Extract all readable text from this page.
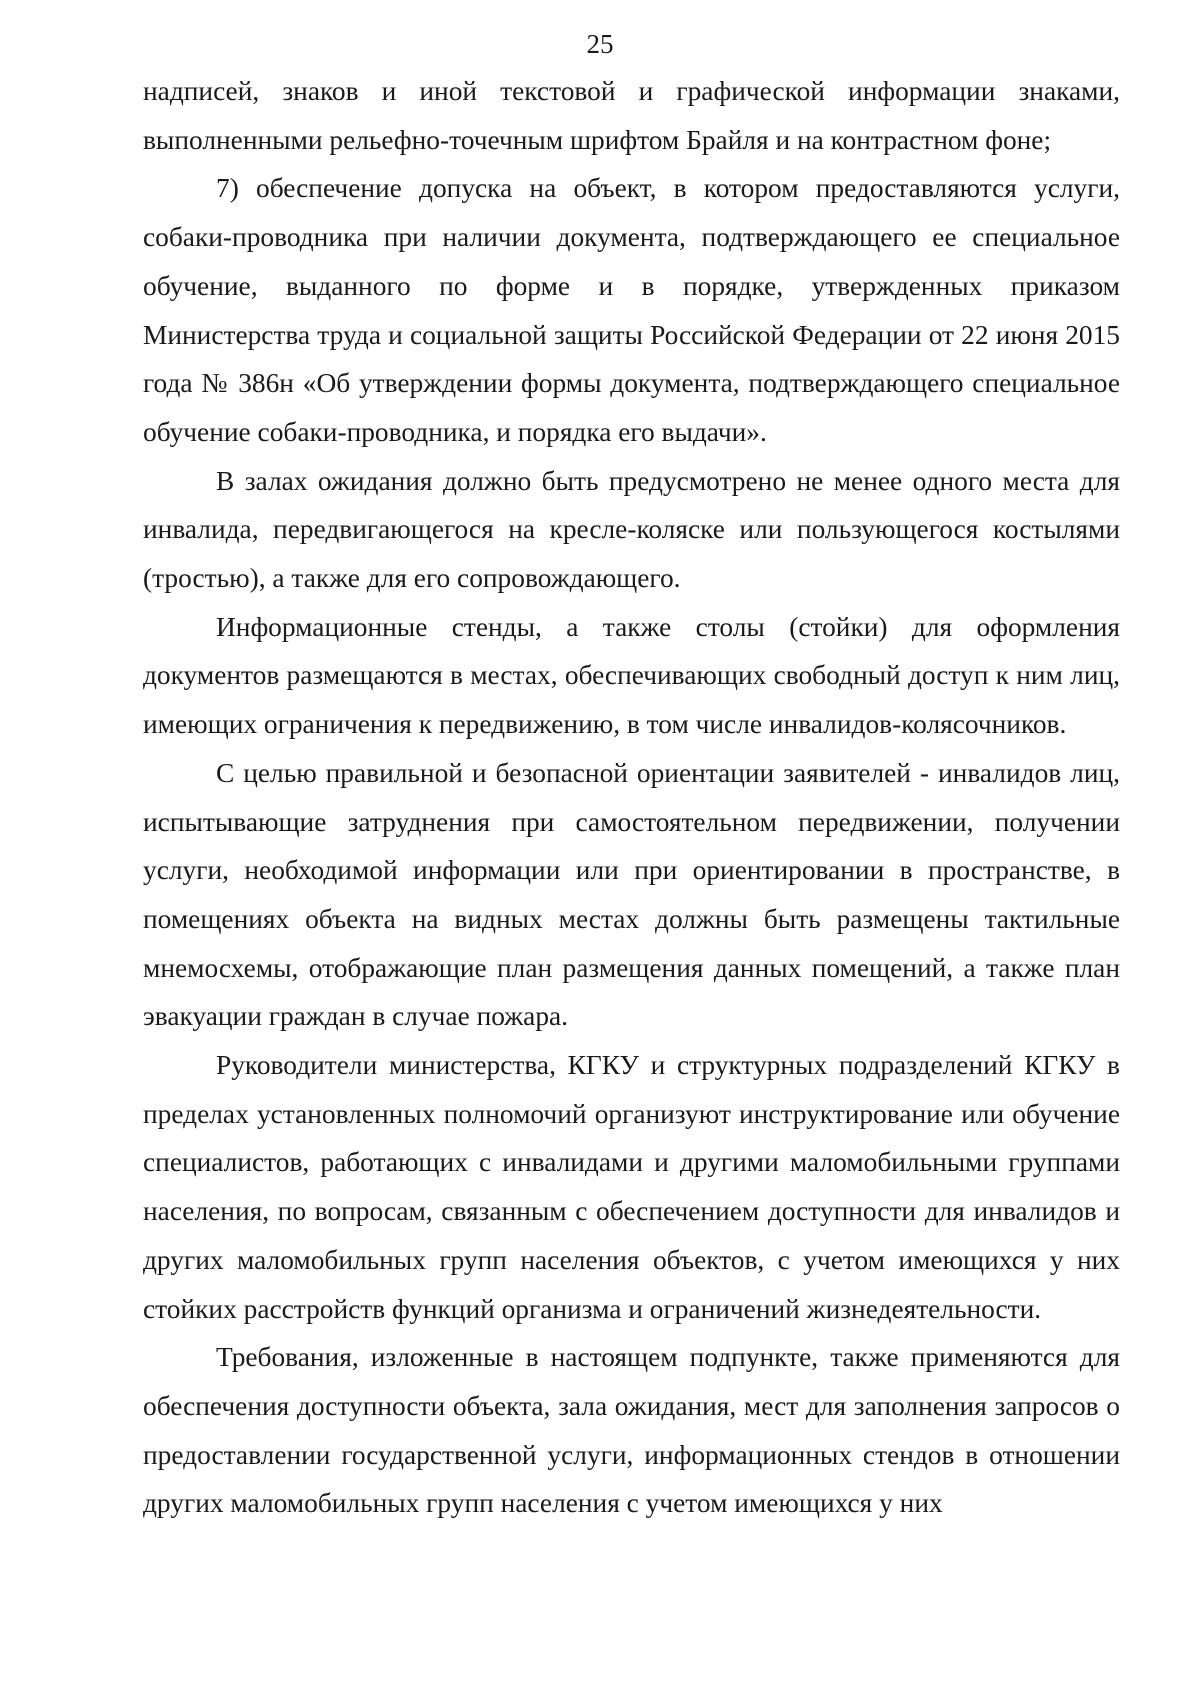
25

надписей, знаков и иной текстовой и графической информации знаками, выполненными рельефно-точечным шрифтом Брайля и на контрастном фоне;

7) обеспечение допуска на объект, в котором предоставляются услуги, собаки-проводника при наличии документа, подтверждающего ее специальное обучение, выданного по форме и в порядке, утвержденных приказом Министерства труда и социальной защиты Российской Федерации от 22 июня 2015 года № 386н «Об утверждении формы документа, подтверждающего специальное обучение собаки-проводника, и порядка его выдачи».

В залах ожидания должно быть предусмотрено не менее одного места для инвалида, передвигающегося на кресле-коляске или пользующегося костылями (тростью), а также для его сопровождающего.

Информационные стенды, а также столы (стойки) для оформления документов размещаются в местах, обеспечивающих свободный доступ к ним лиц, имеющих ограничения к передвижению, в том числе инвалидов-колясочников.

С целью правильной и безопасной ориентации заявителей - инвалидов лиц, испытывающие затруднения при самостоятельном передвижении, получении услуги, необходимой информации или при ориентировании в пространстве, в помещениях объекта на видных местах должны быть размещены тактильные мнемосхемы, отображающие план размещения данных помещений, а также план эвакуации граждан в случае пожара.

Руководители министерства, КГКУ и структурных подразделений КГКУ в пределах установленных полномочий организуют инструктирование или обучение специалистов, работающих с инвалидами и другими маломобильными группами населения, по вопросам, связанным с обеспечением доступности для инвалидов и других маломобильных групп населения объектов, с учетом имеющихся у них стойких расстройств функций организма и ограничений жизнедеятельности.

Требования, изложенные в настоящем подпункте, также применяются для обеспечения доступности объекта, зала ожидания, мест для заполнения запросов о предоставлении государственной услуги, информационных стендов в отношении других маломобильных групп населения с учетом имеющихся у них
